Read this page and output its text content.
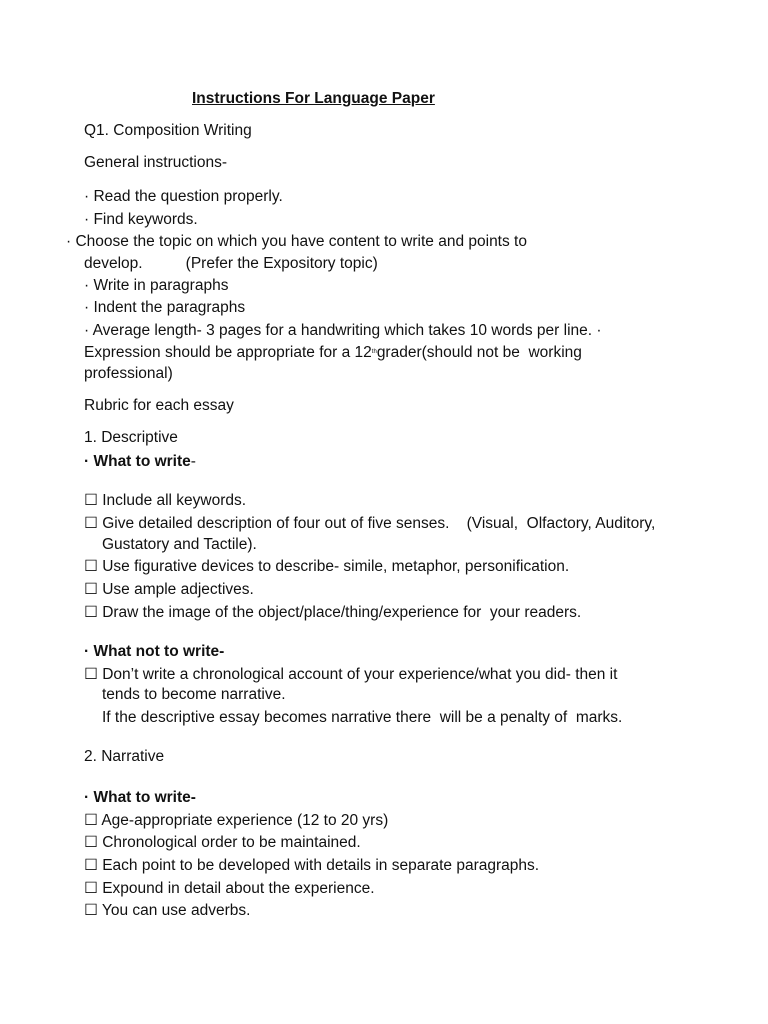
Instructions For Language Paper
Q1. Composition Writing
General instructions-
· Read the question properly.
· Find keywords.
· Choose the topic on which you have content to write and points to
develop.          (Prefer the Expository topic)
· Write in paragraphs
· Indent the paragraphs
· Average length- 3 pages for a handwriting which takes 10 words per line. ·
Expression should be appropriate for a 12thgrader(should not be  working
professional)
Rubric for each essay
1. Descriptive
· What to write-
☐ Include all keywords.
☐ Give detailed description of four out of five senses.    (Visual,  Olfactory, Auditory,
Gustatory and Tactile).
☐ Use figurative devices to describe- simile, metaphor, personification.
☐ Use ample adjectives.
☐ Draw the image of the object/place/thing/experience for  your readers.
· What not to write-
☐ Don’t write a chronological account of your experience/what you did- then it
tends to become narrative.
If the descriptive essay becomes narrative there  will be a penalty of  marks.
2. Narrative
· What to write-
☐ Age-appropriate experience (12 to 20 yrs)
☐ Chronological order to be maintained.
☐ Each point to be developed with details in separate paragraphs.
☐ Expound in detail about the experience.
☐ You can use adverbs.
